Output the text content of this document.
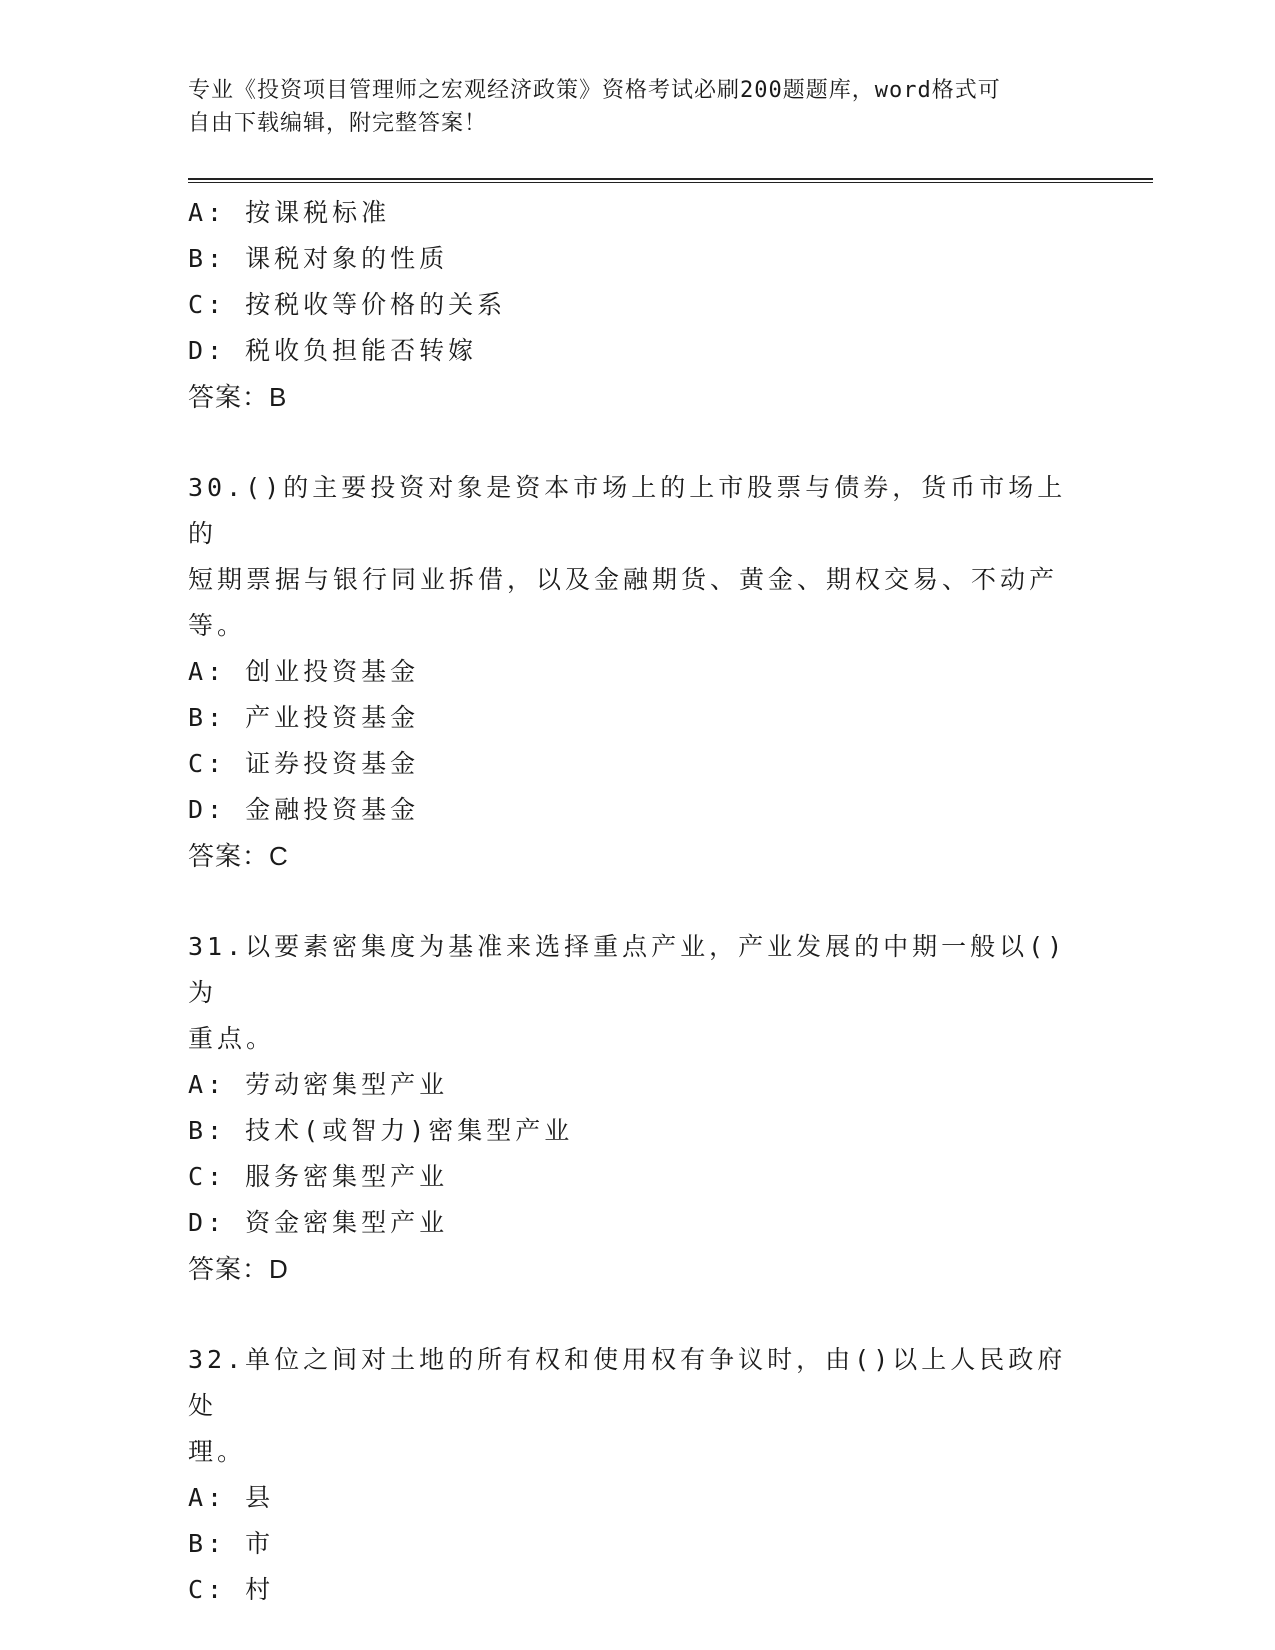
专业《投资项目管理师之宏观经济政策》资格考试必刷200题题库，word格式可
自由下载编辑，附完整答案！
A: 按课税标准
B: 课税对象的性质
C: 按税收等价格的关系
D: 税收负担能否转嫁
答案：B
30.()的主要投资对象是资本市场上的上市股票与债券，货币市场上的
短期票据与银行同业拆借，以及金融期货、黄金、期权交易、不动产
等。
A: 创业投资基金
B: 产业投资基金
C: 证券投资基金
D: 金融投资基金
答案：C
31.以要素密集度为基准来选择重点产业，产业发展的中期一般以()为
重点。
A: 劳动密集型产业
B: 技术(或智力)密集型产业
C: 服务密集型产业
D: 资金密集型产业
答案：D
32.单位之间对土地的所有权和使用权有争议时，由()以上人民政府处
理。
A: 县
B: 市
C: 村
